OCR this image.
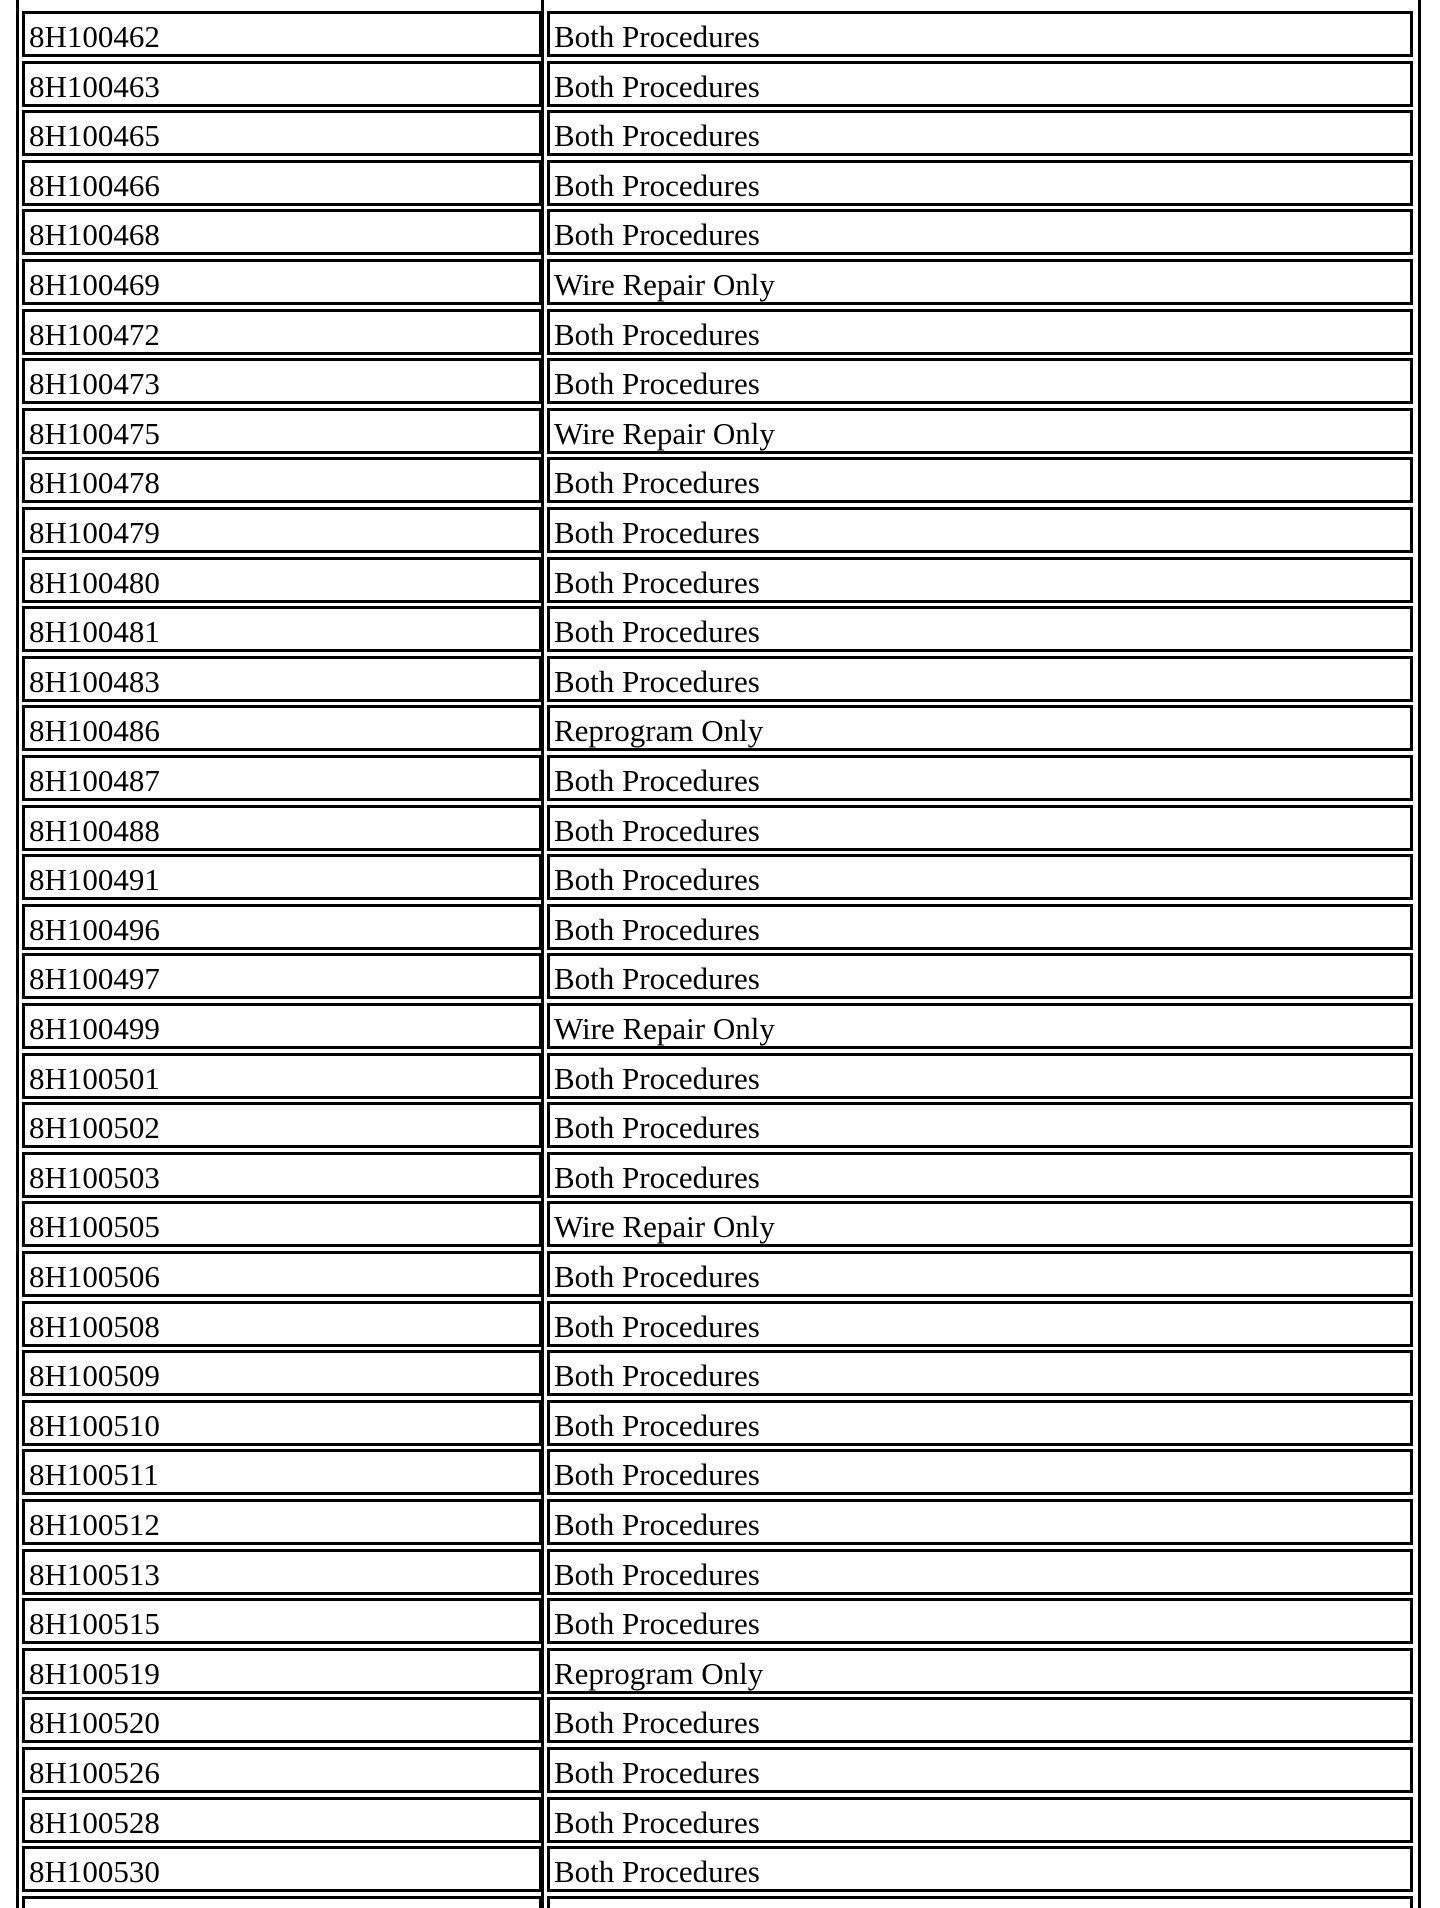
8H100462	Both Procedures
8H100463	Both Procedures
8H100465	Both Procedures
8H100466	Both Procedures
8H100468	Both Procedures
8H100469	Wire Repair Only
8H100472	Both Procedures
8H100473	Both Procedures
8H100475	Wire Repair Only
8H100478	Both Procedures
8H100479	Both Procedures
8H100480	Both Procedures
8H100481	Both Procedures
8H100483	Both Procedures
8H100486	Reprogram Only
8H100487	Both Procedures
8H100488	Both Procedures
8H100491	Both Procedures
8H100496	Both Procedures
8H100497	Both Procedures
8H100499	Wire Repair Only
8H100501	Both Procedures
8H100502	Both Procedures
8H100503	Both Procedures
8H100505	Wire Repair Only
8H100506	Both Procedures
8H100508	Both Procedures
8H100509	Both Procedures
8H100510	Both Procedures
8H100511	Both Procedures
8H100512	Both Procedures
8H100513	Both Procedures
8H100515	Both Procedures
8H100519	Reprogram Only
8H100520	Both Procedures
8H100526	Both Procedures
8H100528	Both Procedures
8H100530	Both Procedures
